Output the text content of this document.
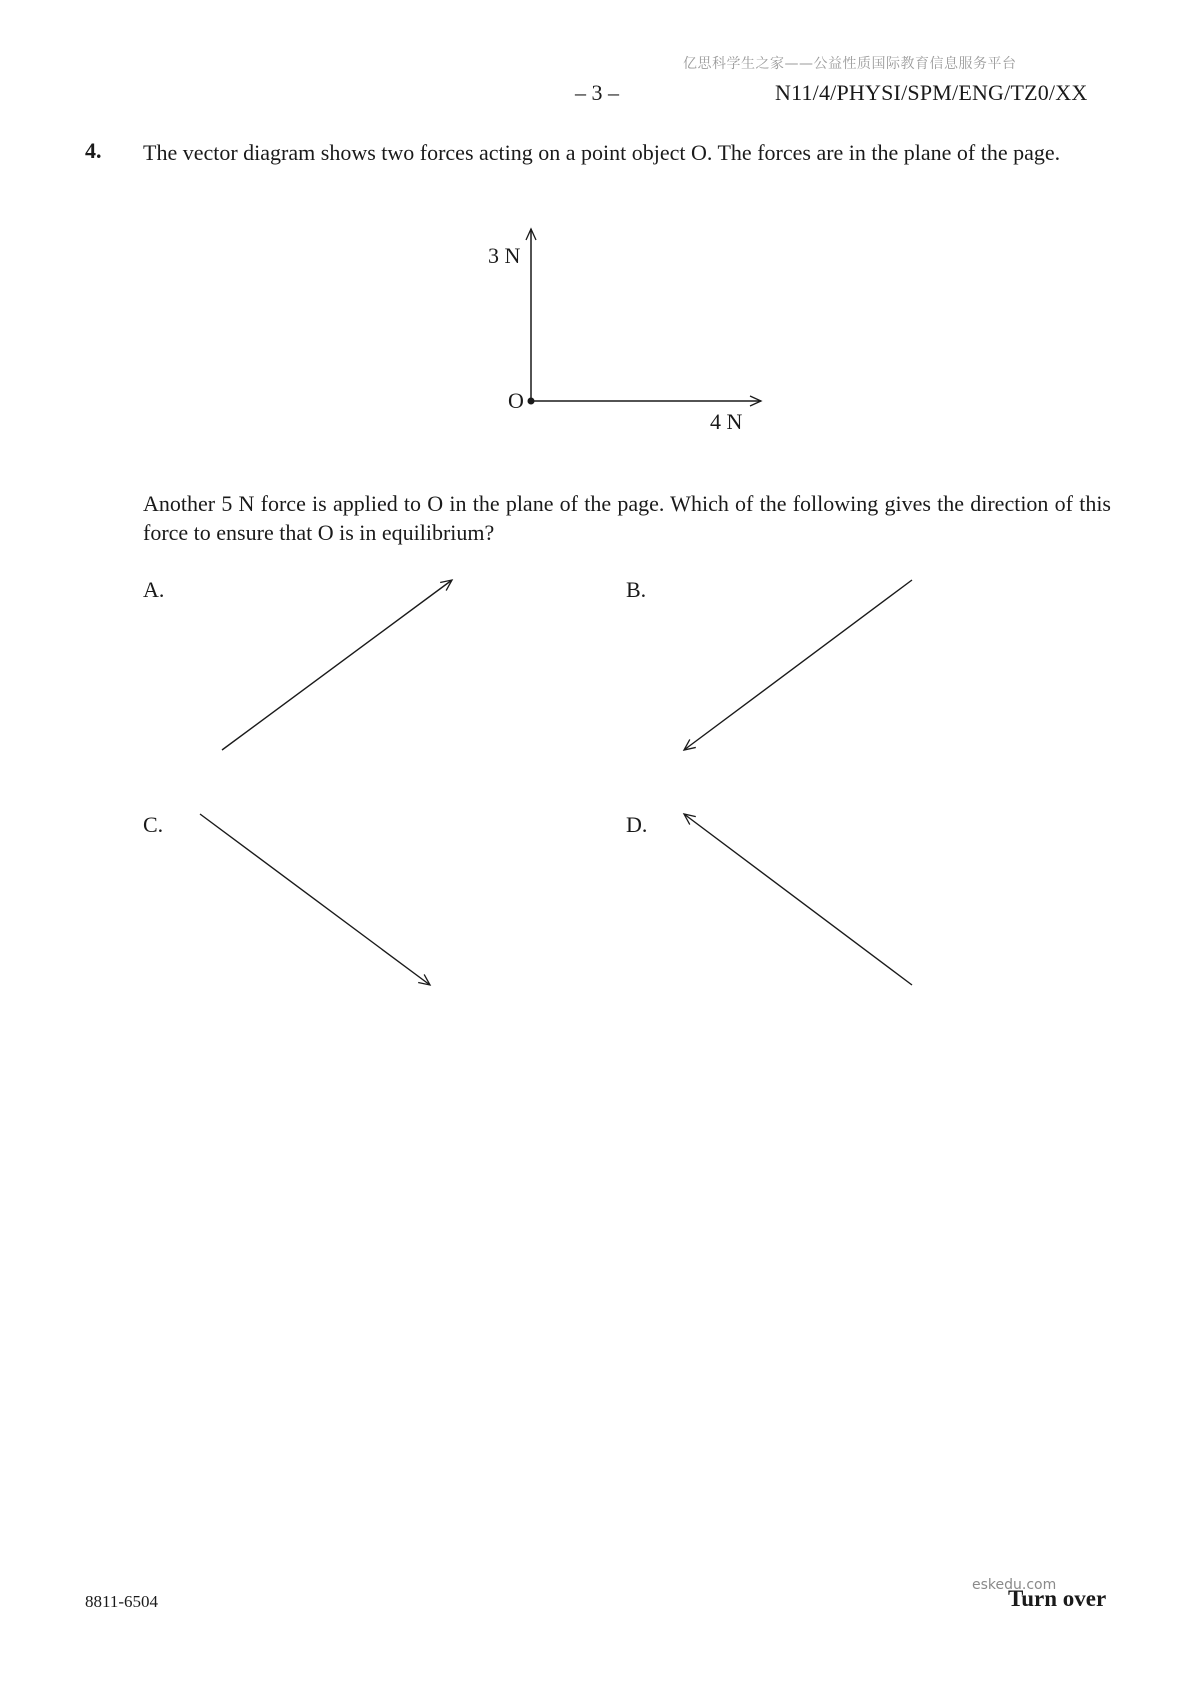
亿思科学生之家——公益性质国际教育信息服务平台
– 3 –	N11/4/PHYSI/SPM/ENG/TZ0/XX
4. The vector diagram shows two forces acting on a point object O. The forces are in the plane of the page.
3 N
4 N
O
Another 5 N force is applied to O in the plane of the page. Which of the following gives the direction of this force to ensure that O is in equilibrium?
A.	B.
C.	D.
8811-6504	Turn over
eskedu.com
